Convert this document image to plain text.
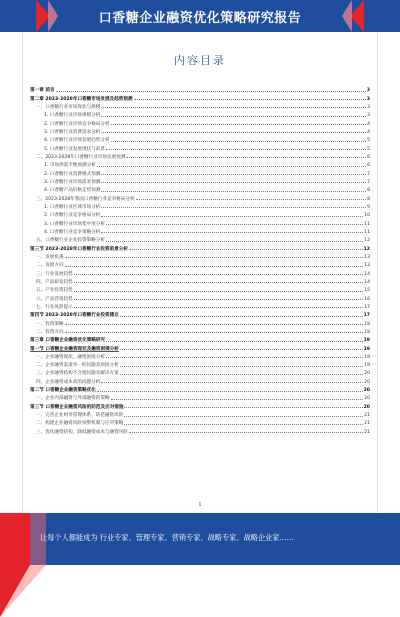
口香糖企业融资优化策略研究报告
内容目录
第一章 前言	3
第二章 2023-2028年口香糖市场发展及趋势预测	3
一、口香糖行业市场现状与规模	3
1. 口香糖行业市场规模分析	3
2. 口香糖行业市场竞争格局分析	4
3. 口香糖行业消费需求分析	4
4. 口香糖行业市场发展趋势分析	5
5. 口香糖行业发展现状与前景	5
二、2023-2028年口香糖行业市场发展预测	6
1. 市场供需平衡预测分析	6
2. 口香糖行业消费模式预测	7
3. 口香糖行业市场需求预测	7
4. 口香糖产品价格走势预测	8
三、2023-2028年我国口香糖行业竞争格局分析	8
1. 口香糖行业区域市场分析	9
2. 口香糖行业竞争格局分析	10
3. 口香糖行业市场集中度分析	11
4. 口香糖行业竞争策略分析	11
五、口香糖行业企业投资策略分析	12
第三节 2023-2028年口香糖行业投资前景分析	12
一、发展机遇	13
二、发展方向	13
三、行业发展趋势	14
四、产品研发趋势	14
五、产业投资趋势	15
六、产品营销趋势	16
七、行业风险提示	17
第四节 2023-2028年口香糖行业投资建议	17
一、投资策略	18
二、投资方向	18
第三章 口香糖企业融资优化策略研究	19
第一节 口香糖企业融资现状及融资困境分析	19
一、企业融资现状，融资困境分析	19
二、企业融资渠道单一的问题及原因分析	19
三、企业融资结构不合理问题及解决方案	20
四、企业融资成本高的问题分析	20
第二节 口香糖企业融资策略优化	20
一、企业内部融资与外部融资的策略	20
第三节 口香糖企业融资风险的防范及应对措施	20
一、完善企业财务管理体系，防范融资风险	21
二、构建企业融资风险预警机制与应对策略	21
三、优化融资结构，降低融资成本与融资风险	21
1
让每个人都能成为 行业专家、管理专家、营销专家、战略专家、战略企业家……
